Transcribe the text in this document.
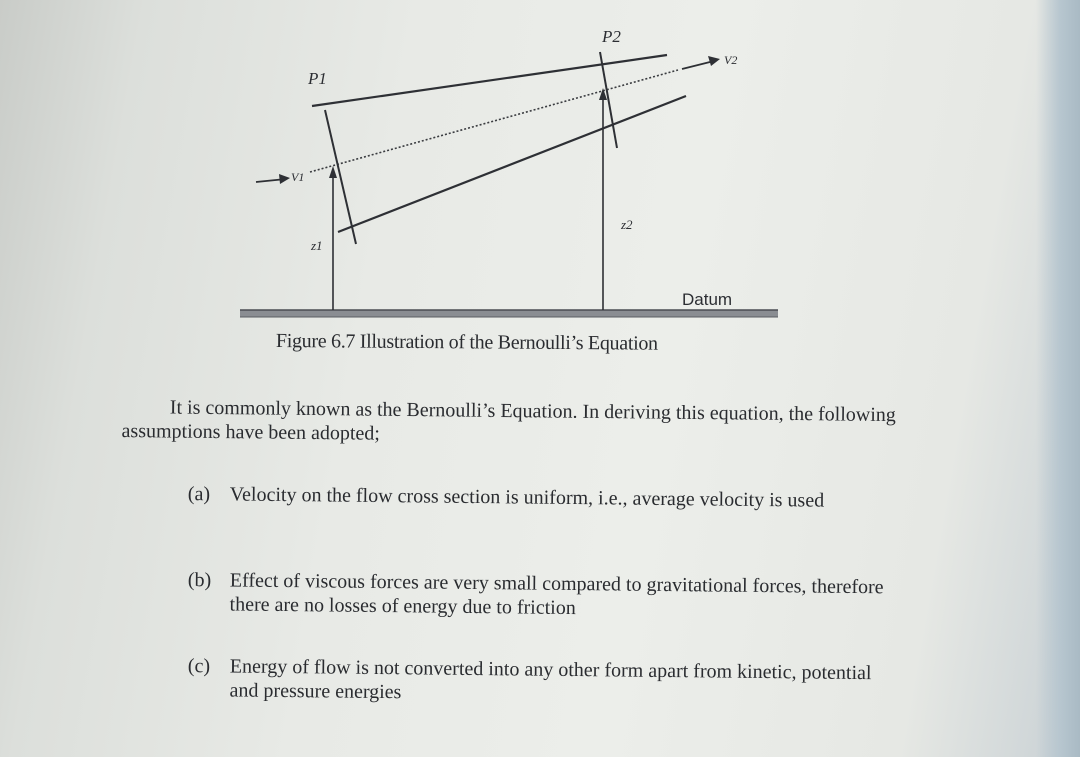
P1
P2
V1
V2
z1
z2
Datum
Figure 6.7 Illustration of the Bernoulli’s Equation
It is commonly known as the Bernoulli’s Equation. In deriving this equation, the following assumptions have been adopted;
(a) Velocity on the flow cross section is uniform, i.e., average velocity is used
(b) Effect of viscous forces are very small compared to gravitational forces, therefore there are no losses of energy due to friction
(c) Energy of flow is not converted into any other form apart from kinetic, potential and pressure energies
